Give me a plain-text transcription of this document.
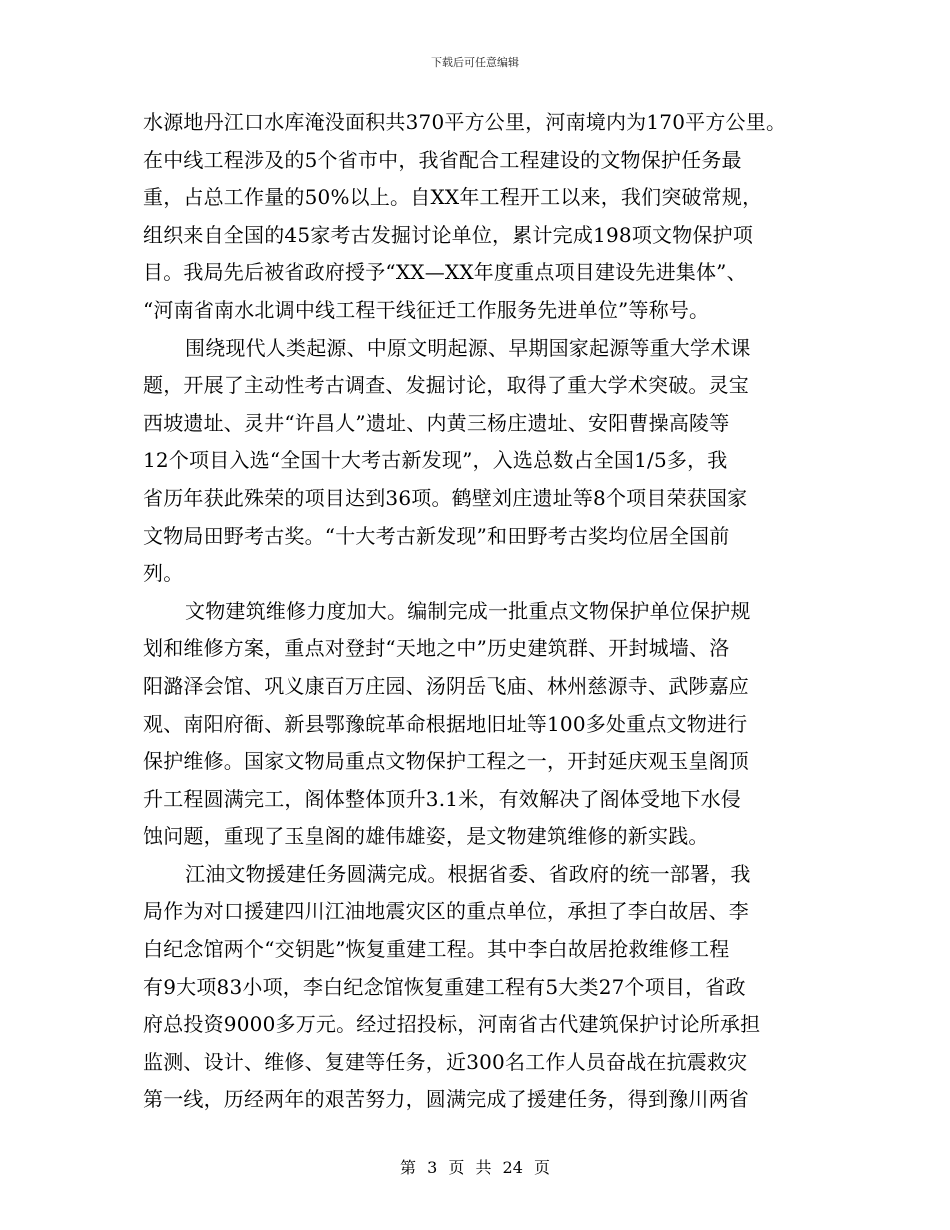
下载后可任意编辑
水源地丹江口水库淹没面积共370平方公里，河南境内为170平方公里。
在中线工程涉及的5个省市中，我省配合工程建设的文物保护任务最
重，占总工作量的50%以上。自XX年工程开工以来，我们突破常规，
组织来自全国的45家考古发掘讨论单位，累计完成198项文物保护项
目。我局先后被省政府授予“XX—XX年度重点项目建设先进集体”、
“河南省南水北调中线工程干线征迁工作服务先进单位”等称号。
围绕现代人类起源、中原文明起源、早期国家起源等重大学术课
题，开展了主动性考古调查、发掘讨论，取得了重大学术突破。灵宝
西坡遗址、灵井“许昌人”遗址、内黄三杨庄遗址、安阳曹操高陵等
12个项目入选“全国十大考古新发现”，入选总数占全国1/5多，我
省历年获此殊荣的项目达到36项。鹤壁刘庄遗址等8个项目荣获国家
文物局田野考古奖。“十大考古新发现”和田野考古奖均位居全国前
列。
文物建筑维修力度加大。编制完成一批重点文物保护单位保护规
划和维修方案，重点对登封“天地之中”历史建筑群、开封城墙、洛
阳潞泽会馆、巩义康百万庄园、汤阴岳飞庙、林州慈源寺、武陟嘉应
观、南阳府衙、新县鄂豫皖革命根据地旧址等100多处重点文物进行
保护维修。国家文物局重点文物保护工程之一，开封延庆观玉皇阁顶
升工程圆满完工，阁体整体顶升3.1米，有效解决了阁体受地下水侵
蚀问题，重现了玉皇阁的雄伟雄姿，是文物建筑维修的新实践。
江油文物援建任务圆满完成。根据省委、省政府的统一部署，我
局作为对口援建四川江油地震灾区的重点单位，承担了李白故居、李
白纪念馆两个“交钥匙”恢复重建工程。其中李白故居抢救维修工程
有9大项83小项，李白纪念馆恢复重建工程有5大类27个项目，省政
府总投资9000多万元。经过招投标，河南省古代建筑保护讨论所承担
监测、设计、维修、复建等任务，近300名工作人员奋战在抗震救灾
第一线，历经两年的艰苦努力，圆满完成了援建任务，得到豫川两省
第 3 页 共 24 页
